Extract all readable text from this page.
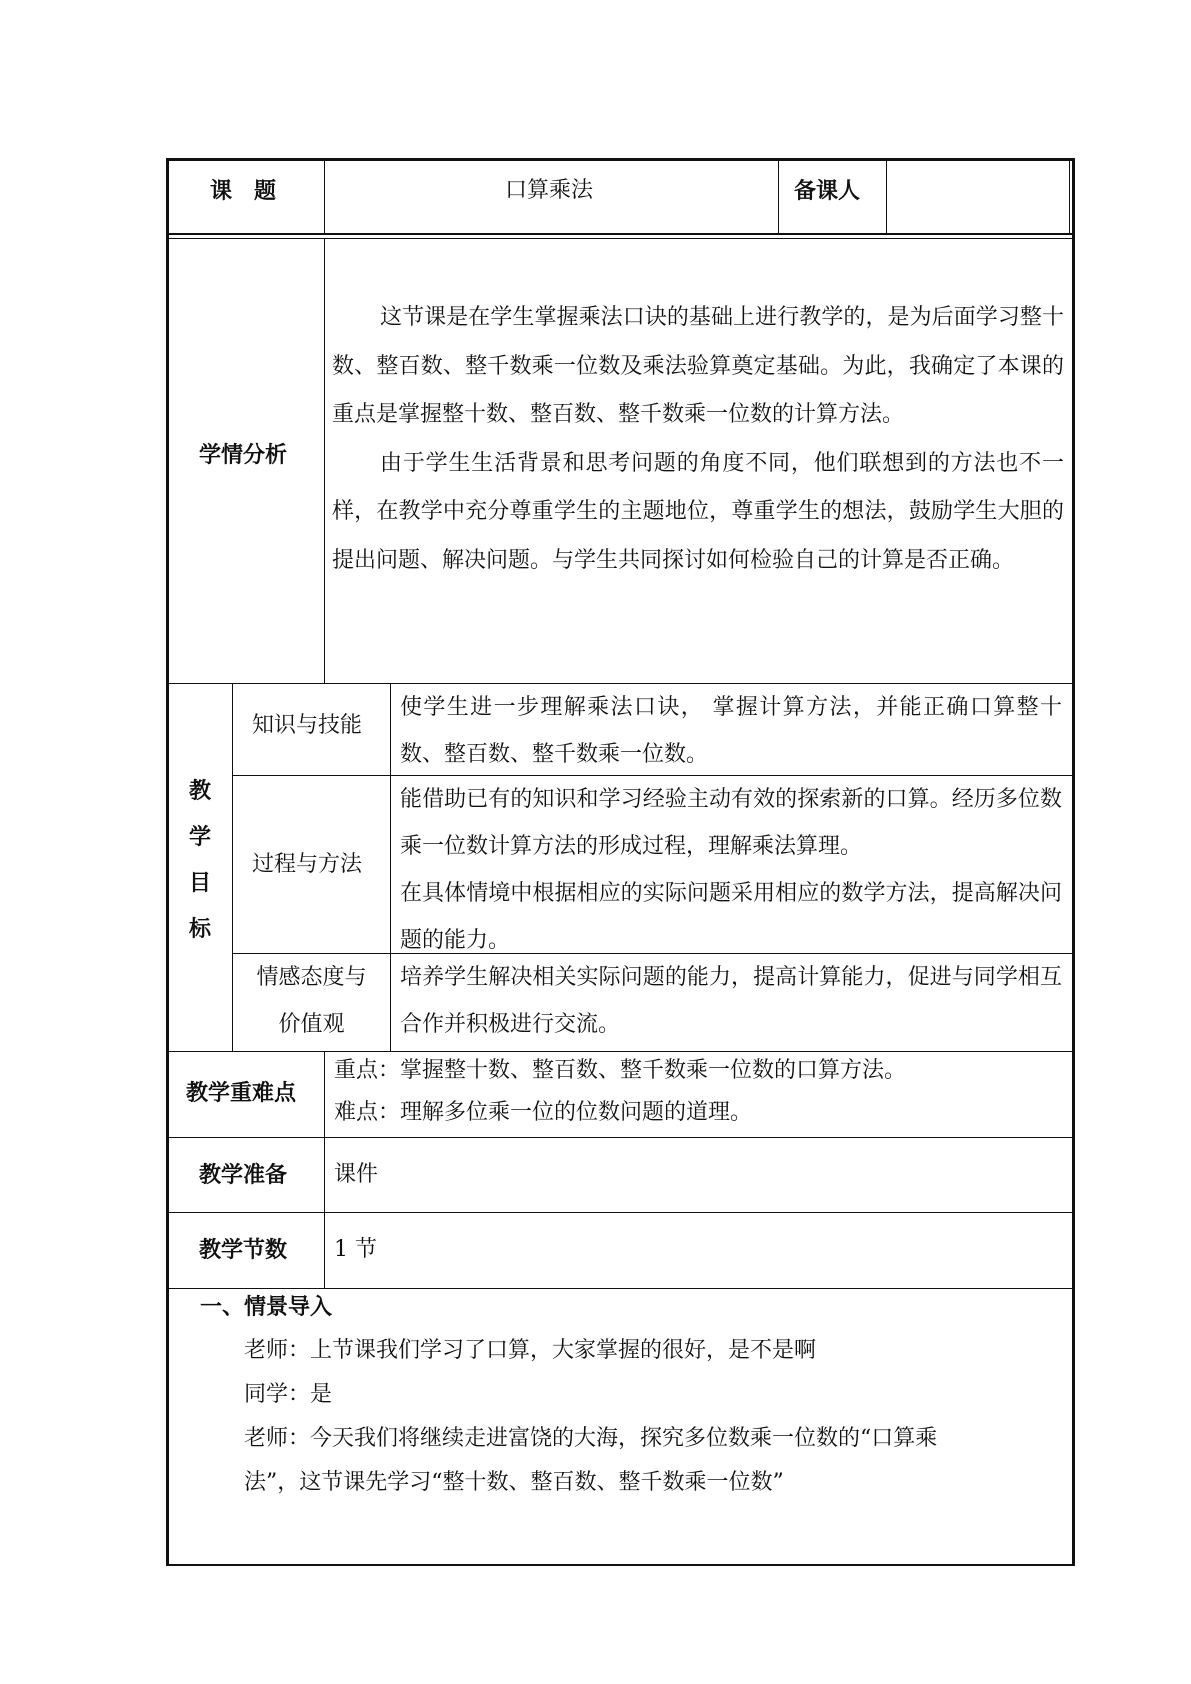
课　题	口算乘法	备课人
学情分析
这节课是在学生掌握乘法口诀的基础上进行教学的，是为后面学习整十数、整百数、整千数乘一位数及乘法验算奠定基础。为此，我确定了本课的重点是掌握整十数、整百数、整千数乘一位数的计算方法。
由于学生生活背景和思考问题的角度不同，他们联想到的方法也不一样，在教学中充分尊重学生的主题地位，尊重学生的想法，鼓励学生大胆的提出问题、解决问题。与学生共同探讨如何检验自己的计算是否正确。
教
学
目
标
知识与技能
使学生进一步理解乘法口诀， 掌握计算方法，并能正确口算整十数、整百数、整千数乘一位数。
过程与方法
能借助已有的知识和学习经验主动有效的探索新的口算。经历多位数乘一位数计算方法的形成过程，理解乘法算理。
在具体情境中根据相应的实际问题采用相应的数学方法，提高解决问题的能力。
情感态度与
价值观
培养学生解决相关实际问题的能力，提高计算能力，促进与同学相互合作并积极进行交流。
教学重难点
重点：掌握整十数、整百数、整千数乘一位数的口算方法。
难点：理解多位乘一位的位数问题的道理。
教学准备 课件
教学节数 1 节
一、情景导入
老师：上节课我们学习了口算，大家掌握的很好，是不是啊
同学：是
老师：今天我们将继续走进富饶的大海，探究多位数乘一位数的“口算乘
法”，这节课先学习“整十数、整百数、整千数乘一位数”
